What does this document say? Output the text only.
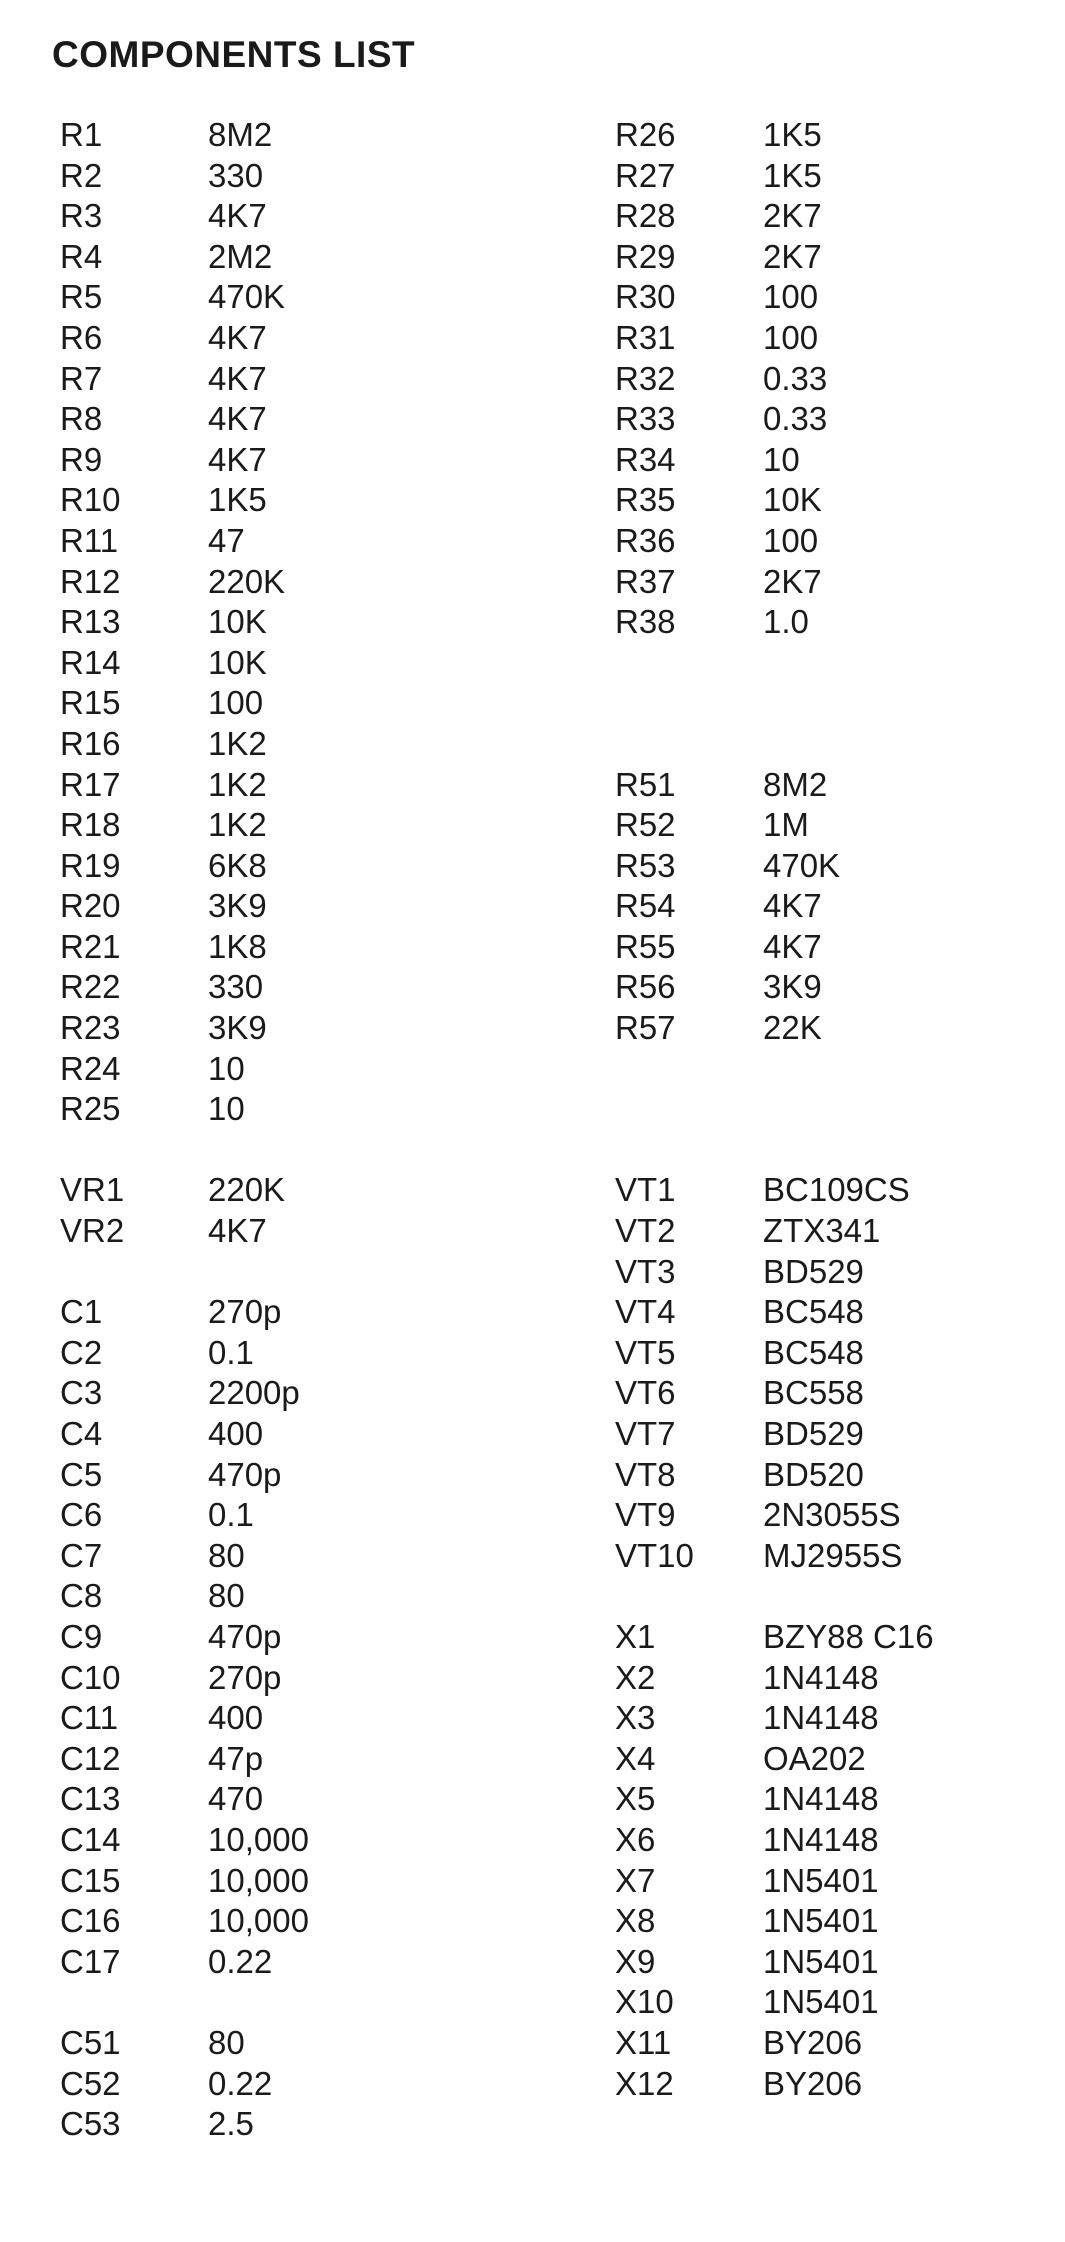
COMPONENTS LIST
R1	8M2
R2	330
R3	4K7
R4	2M2
R5	470K
R6	4K7
R7	4K7
R8	4K7
R9	4K7
R10	1K5
R11	47
R12	220K
R13	10K
R14	10K
R15	100
R16	1K2
R17	1K2
R18	1K2
R19	6K8
R20	3K9
R21	1K8
R22	330
R23	3K9
R24	10
R25	10
VR1	220K
VR2	4K7
C1	270p
C2	0.1
C3	2200p
C4	400
C5	470p
C6	0.1
C7	80
C8	80
C9	470p
C10	270p
C11	400
C12	47p
C13	470
C14	10,000
C15	10,000
C16	10,000
C17	0.22
C51	80
C52	0.22
C53	2.5
R26	1K5
R27	1K5
R28	2K7
R29	2K7
R30	100
R31	100
R32	0.33
R33	0.33
R34	10
R35	10K
R36	100
R37	2K7
R38	1.0
R51	8M2
R52	1M
R53	470K
R54	4K7
R55	4K7
R56	3K9
R57	22K
VT1	BC109CS
VT2	ZTX341
VT3	BD529
VT4	BC548
VT5	BC548
VT6	BC558
VT7	BD529
VT8	BD520
VT9	2N3055S
VT10 MJ2955S
X1	BZY88 C16
X2	1N4148
X3	1N4148
X4	OA202
X5	1N4148
X6	1N4148
X7	1N5401
X8	1N5401
X9	1N5401
X10	1N5401
X11	BY206
X12	BY206
